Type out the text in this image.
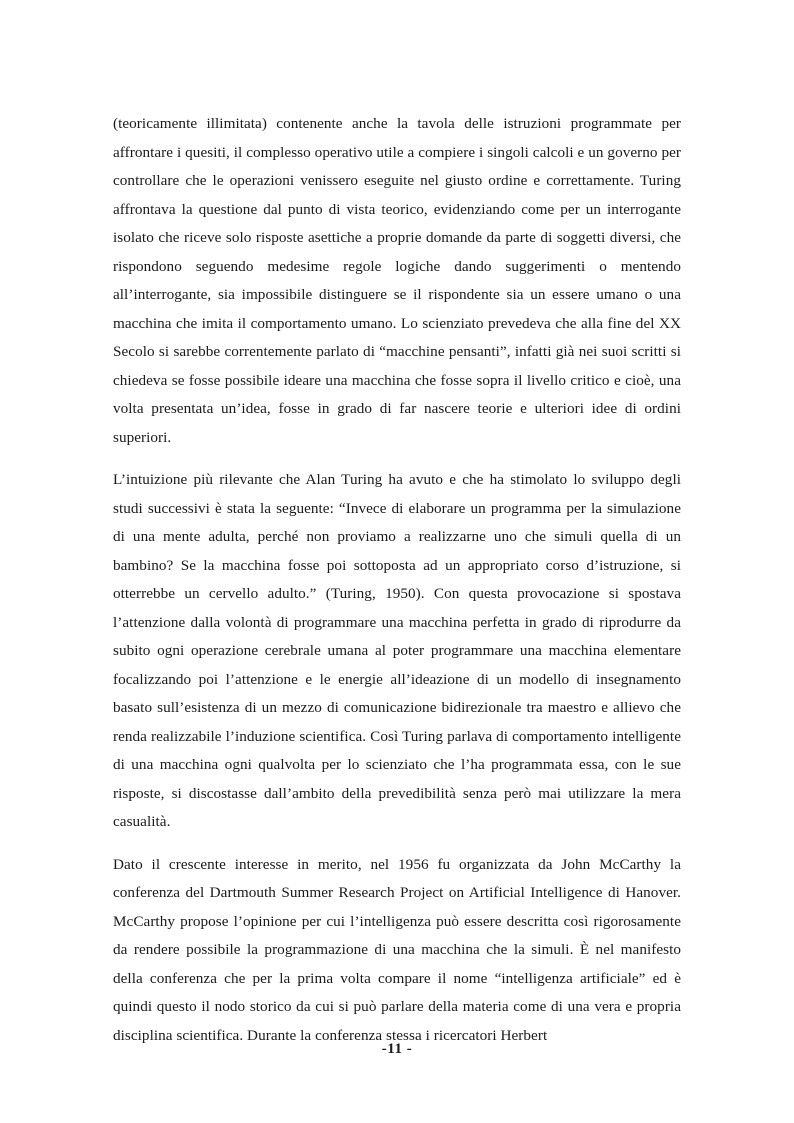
(teoricamente illimitata) contenente anche la tavola delle istruzioni programmate per affrontare i quesiti, il complesso operativo utile a compiere i singoli calcoli e un governo per controllare che le operazioni venissero eseguite nel giusto ordine e correttamente. Turing affrontava la questione dal punto di vista teorico, evidenziando come per un interrogante isolato che riceve solo risposte asettiche a proprie domande da parte di soggetti diversi, che rispondono seguendo medesime regole logiche dando suggerimenti o mentendo all’interrogante, sia impossibile distinguere se il rispondente sia un essere umano o una macchina che imita il comportamento umano. Lo scienziato prevedeva che alla fine del XX Secolo si sarebbe correntemente parlato di “macchine pensanti”, infatti già nei suoi scritti si chiedeva se fosse possibile ideare una macchina che fosse sopra il livello critico e cioè, una volta presentata un’idea, fosse in grado di far nascere teorie e ulteriori idee di ordini superiori.

L’intuizione più rilevante che Alan Turing ha avuto e che ha stimolato lo sviluppo degli studi successivi è stata la seguente: “Invece di elaborare un programma per la simulazione di una mente adulta, perché non proviamo a realizzarne uno che simuli quella di un bambino? Se la macchina fosse poi sottoposta ad un appropriato corso d’istruzione, si otterrebbe un cervello adulto.” (Turing, 1950). Con questa provocazione si spostava l’attenzione dalla volontà di programmare una macchina perfetta in grado di riprodurre da subito ogni operazione cerebrale umana al poter programmare una macchina elementare focalizzando poi l’attenzione e le energie all’ideazione di un modello di insegnamento basato sull’esistenza di un mezzo di comunicazione bidirezionale tra maestro e allievo che renda realizzabile l’induzione scientifica. Così Turing parlava di comportamento intelligente di una macchina ogni qualvolta per lo scienziato che l’ha programmata essa, con le sue risposte, si discostasse dall’ambito della prevedibilità senza però mai utilizzare la mera casualità.

Dato il crescente interesse in merito, nel 1956 fu organizzata da John McCarthy la conferenza del Dartmouth Summer Research Project on Artificial Intelligence di Hanover. McCarthy propose l’opinione per cui l’intelligenza può essere descritta così rigorosamente da rendere possibile la programmazione di una macchina che la simuli. È nel manifesto della conferenza che per la prima volta compare il nome “intelligenza artificiale” ed è quindi questo il nodo storico da cui si può parlare della materia come di una vera e propria disciplina scientifica. Durante la conferenza stessa i ricercatori Herbert

-11 -
